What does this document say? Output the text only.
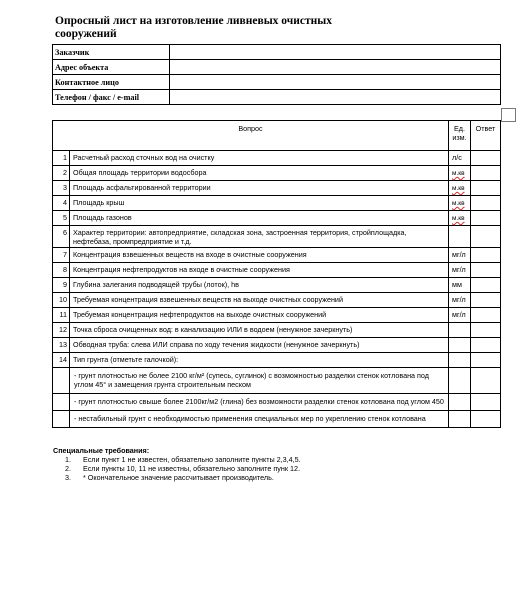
Опросный лист на изготовление ливневых очистных сооружений
Заказчик	
Адрес объекта	
Контактное лицо	
Телефон / факс / e-mail	
Вопрос		Ед. изм.	Ответ
1	Расчетный расход сточных вод на очистку	л/с	
2	Общая площадь территории водосбора	м.кв	
3	Площадь асфальтированной территории	м.кв	
4	Площадь крыш	м.кв	
5	Площадь газонов	м.кв	
6	Характер территории: автопредприятие, складская зона, застроенная территория, стройплощадка, нефтебаза, промпредприятие и т.д.		
7	Концентрация взвешенных веществ на входе в очистные сооружения	мг/л	
8	Концентрация нефтепродуктов на входе в очистные сооружения	мг/л	
9	Глубина залегания подводящей трубы (лоток), hв	мм	
10	Требуемая концентрация взвешенных веществ на выходе очистных сооружений	мг/л	
11	Требуемая концентрация нефтепродуктов на выходе очистных сооружений	мг/л	
12	Точка сброса очищенных вод: в канализацию ИЛИ в водоем (ненужное зачеркнуть)		
13	Обводная труба: слева ИЛИ справа по ходу течения жидкости (ненужное зачеркнуть)		
14	Тип грунта (отметьте галочкой):		
	- грунт плотностью не более 2100 кг/м² (супесь, суглинок) с возможностью разделки стенок котлована под углом 45° и замещения грунта строительным песком		
	- грунт плотностью свыше более 2100кг/м2 (глина) без возможности разделки стенок котлована под углом 450		
	- нестабильный грунт с необходимостью применения специальных мер по укреплению стенок котлована		
Специальные требования:
1. Если пункт 1 не известен, обязательно заполните пункты 2,3,4,5.
2. Если пункты 10, 11 не известны, обязательно заполните пунк 12.
3. * Окончательное значение рассчитывает производитель.
